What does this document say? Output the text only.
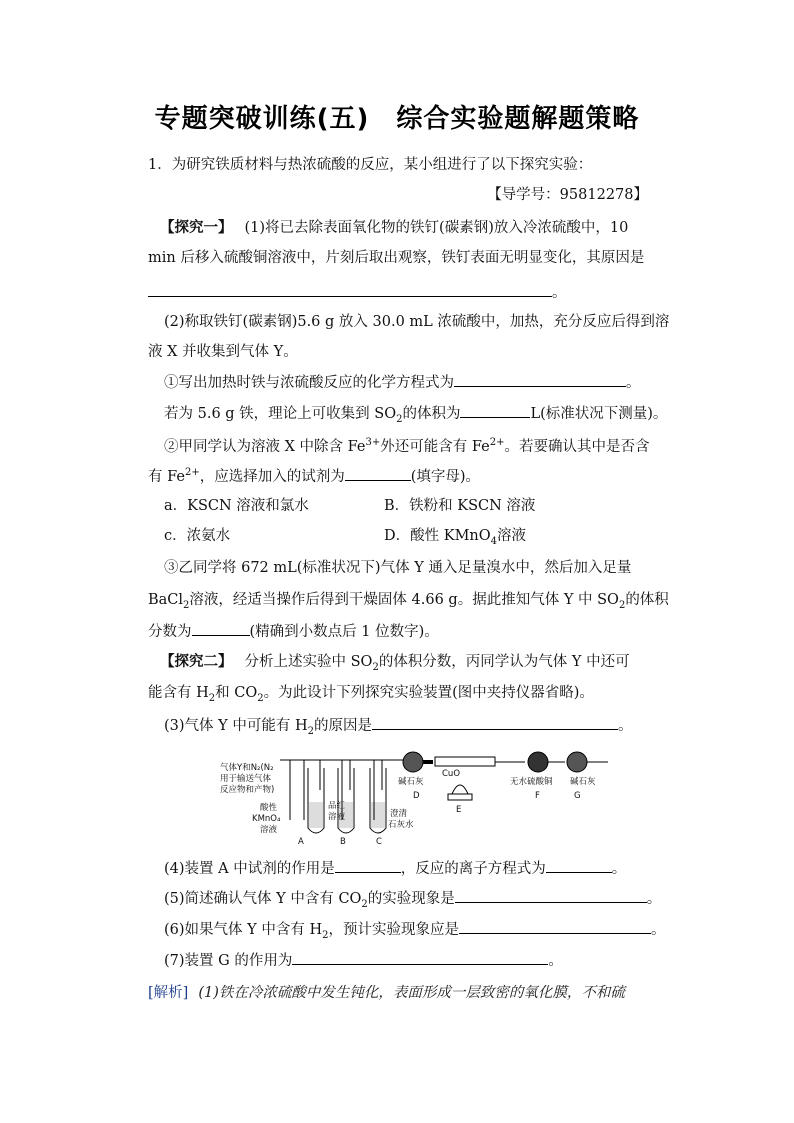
专题突破训练(五)　综合实验题解题策略
1．为研究铁质材料与热浓硫酸的反应，某小组进行了以下探究实验：
【导学号：95812278】
【探究一】 (1)将已去除表面氧化物的铁钉(碳素钢)放入冷浓硫酸中，10
min 后移入硫酸铜溶液中，片刻后取出观察，铁钉表面无明显变化，其原因是
。
(2)称取铁钉(碳素钢)5.6 g 放入 30.0 mL 浓硫酸中，加热，充分反应后得到溶
液 X 并收集到气体 Y。
①写出加热时铁与浓硫酸反应的化学方程式为	。
若为 5.6 g 铁，理论上可收集到 $SO_2$的体积为	L(标准状况下测量)。
②甲同学认为溶液 X 中除含 $Fe^{3+}$外还可能含有 $Fe^{2+}$。若要确认其中是否含
有 $Fe^{2+}$，应选择加入的试剂为	(填字母)。
a．KSCN 溶液和氯水	B．铁粉和 KSCN 溶液
c．浓氨水	D．酸性 KMnO$_4$溶液
③乙同学将 672 mL(标准状况下)气体 Y 通入足量溴水中，然后加入足量
BaCl$_2$溶液，经适当操作后得到干燥固体 4.66 g。据此推知气体 Y 中 $SO_2$的体积
分数为	(精确到小数点后 1 位数字)。
【探究二】 分析上述实验中 $SO_2$的体积分数，丙同学认为气体 Y 中还可
能含有 $H_2$和 $CO_2$。为此设计下列探究实验装置(图中夹持仪器省略)。
(3)气体 Y 中可能有 $H_2$的原因是	。
气体Y和N₂(N₂
用于输送气体
反应物和产物)
酸性
KMnO₄
溶液
品红
溶液	澄清
石灰水
CuO
碱石灰	无水硫酸铜 碱石灰
A	B	C
D
E
F	G
(4)装置 A 中试剂的作用是	，反应的离子方程式为	。
(5)简述确认气体 Y 中含有 $CO_2$的实验现象是	。
(6)如果气体 Y 中含有 $H_2$，预计实验现象应是	。
(7)装置 G 的作用为	。
[解析] (1)铁在冷浓硫酸中发生钝化，表面形成一层致密的氧化膜，不和硫
